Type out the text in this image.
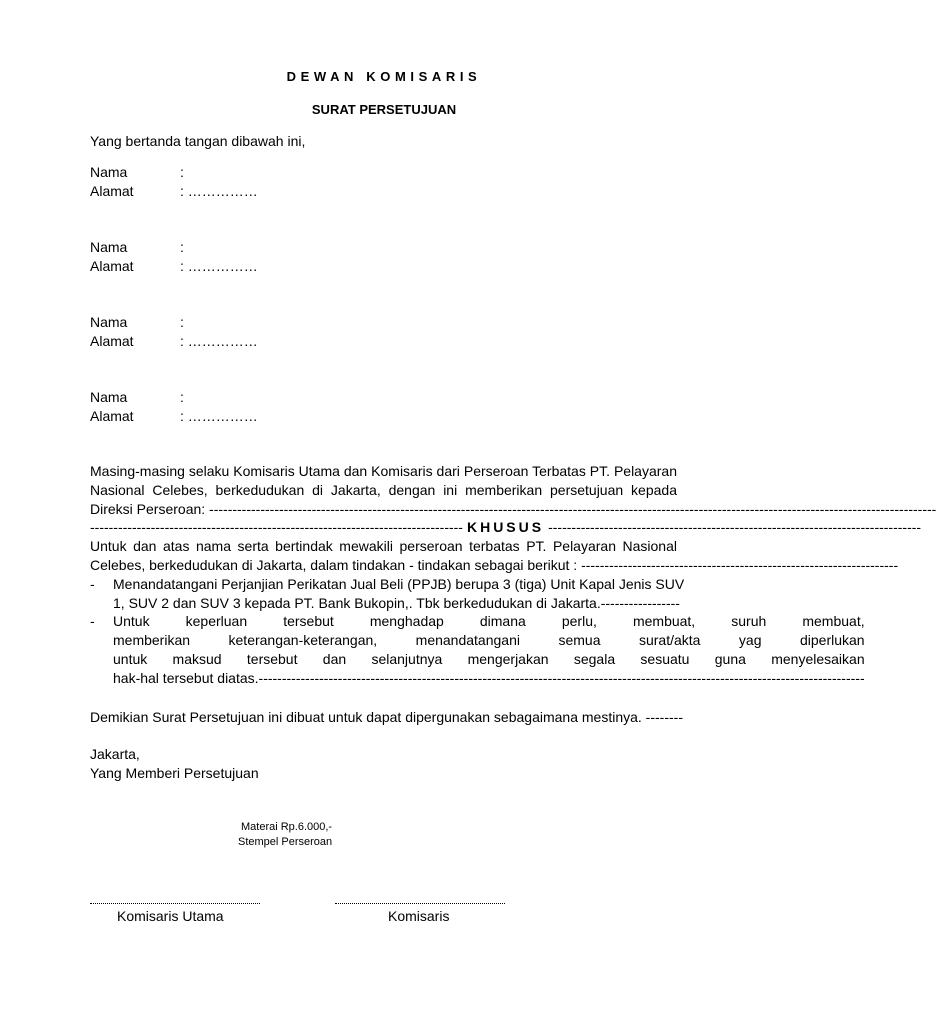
DEWAN KOMISARIS
SURAT PERSETUJUAN
Yang bertanda tangan dibawah ini,
Nama	:
Alamat	: ……………
Nama	:
Alamat	: ……………
Nama	:
Alamat	: ……………
Nama	:
Alamat	: ……………
Masing-masing selaku Komisaris Utama dan Komisaris dari Perseroan Terbatas PT. Pelayaran
Nasional Celebes, berkedudukan di Jakarta, dengan ini memberikan persetujuan kepada
Direksi Perseroan: ------------------------------------------------------------------------------------------------------------------------------------------------------------
-------------------------------------------------------------------------------- KHUSUS --------------------------------------------------------------------------------
Untuk dan atas nama serta bertindak mewakili perseroan terbatas PT. Pelayaran Nasional
Celebes, berkedudukan di Jakarta, dalam tindakan - tindakan sebagai berikut : --------------------------------------------------------------------
-	Menandatangani Perjanjian Perikatan Jual Beli (PPJB) berupa 3 (tiga) Unit Kapal Jenis SUV
1, SUV 2 dan SUV 3 kepada PT. Bank Bukopin,. Tbk berkedudukan di Jakarta.-----------------
-	Untuk keperluan tersebut menghadap dimana perlu, membuat, suruh membuat,
memberikan keterangan-keterangan, menandatangani semua surat/akta yag diperlukan
untuk maksud tersebut dan selanjutnya mengerjakan segala sesuatu guna menyelesaikan
hak-hal tersebut diatas. ----------------------------------------------------------------------------------------------------------------------------------
Demikian Surat Persetujuan ini dibuat untuk dapat dipergunakan sebagaimana mestinya. --------
Jakarta,
Yang Memberi Persetujuan
Materai Rp.6.000,-
Stempel Perseroan
Komisaris Utama	Komisaris
